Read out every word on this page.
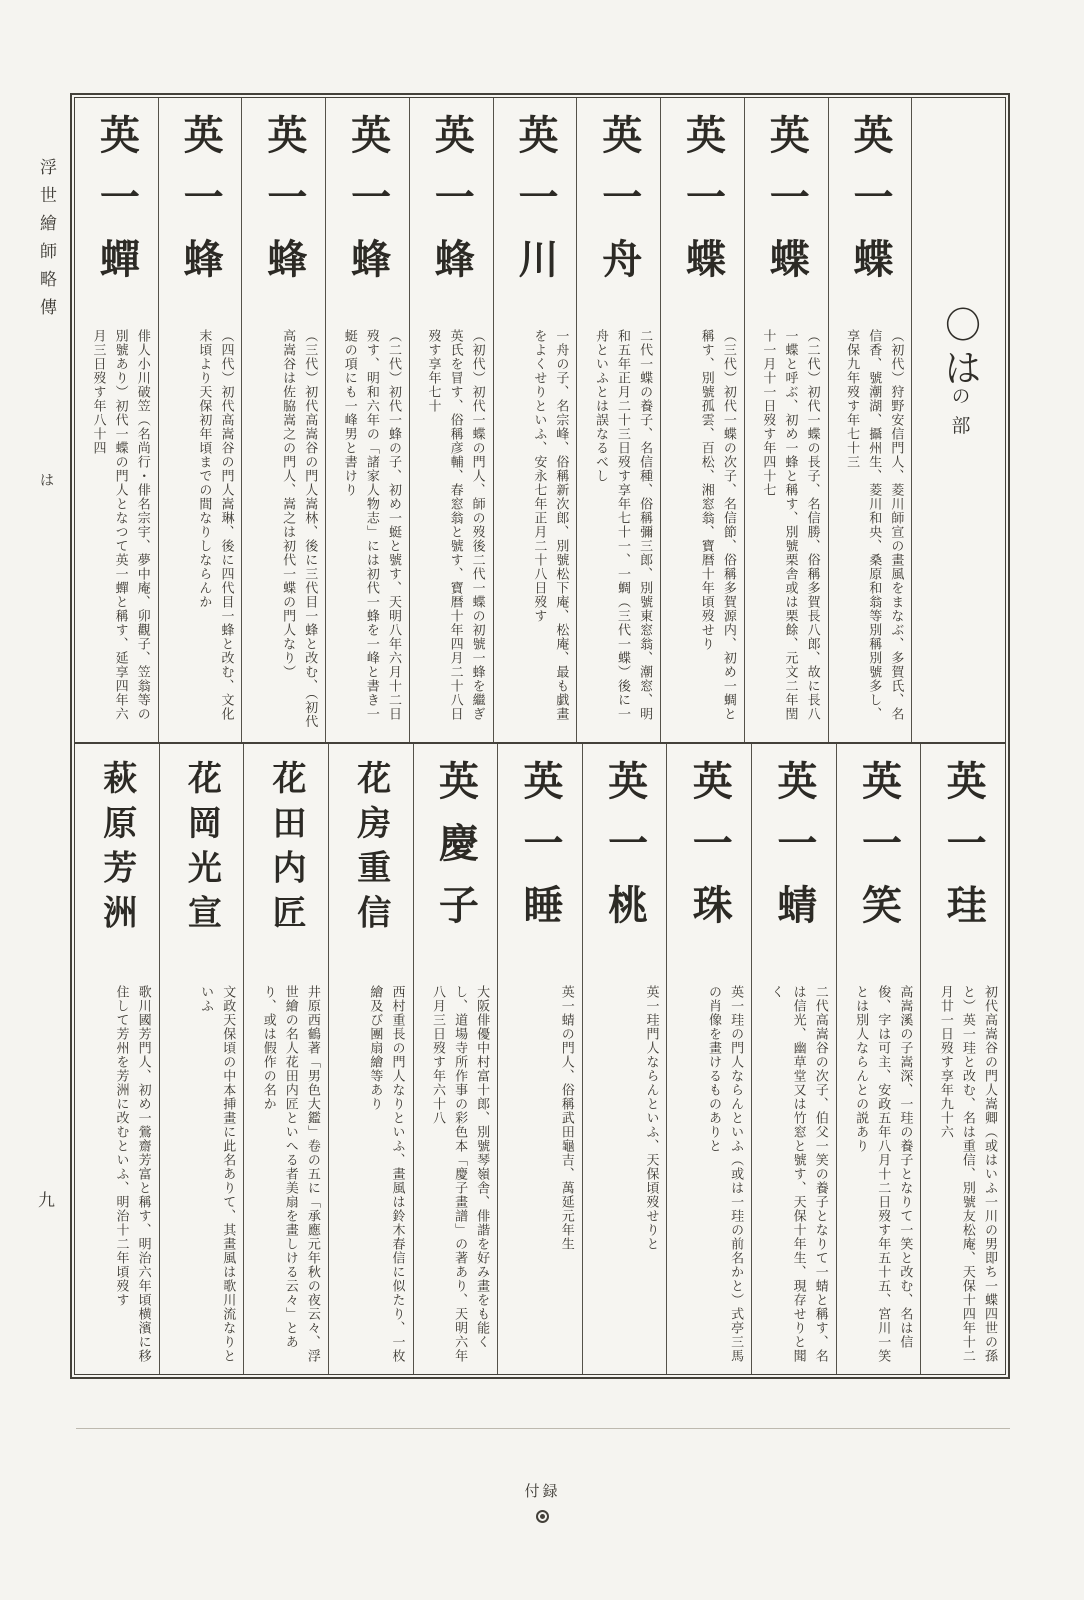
浮世繪師略傳
は
九
〇はの部
英一蝶
（初代）狩野安信門人、菱川師宣の畫風をまなぶ、多賀氏、名信香、號潮湖、攝州生、菱川和央、桑原和翁等別稱別號多し、享保九年歿す年七十三
英一蝶
（二代）初代一蝶の長子、名信勝、俗稱多賀長八郎、故に長八一蝶と呼ぶ、初め一蜂と稱す、別號栗舎或は栗餘、元文二年閏十一月十一日歿す年四十七
英一蝶
（三代）初代一蝶の次子、名信節、俗稱多賀源内、初め一蜩と稱す、別號孤雲、百松、湘窓翁、寶暦十年頃歿せり
英一舟
二代一蝶の養子、名信種、俗稱彌三郎、別號東窓翁、潮窓、明和五年正月二十三日歿す享年七十一、一蜩（三代一蝶）後に一舟といふとは誤なるべし
英一川
一舟の子、名宗峰、俗稱新次郎、別號松下庵、松庵、最も戯畫をよくせりといふ、安永七年正月二十八日歿す
英一蜂
（初代）初代一蝶の門人、師の歿後二代一蝶の初號一蜂を繼ぎ英氏を冒す、俗稱彦輔、春窓翁と號す、寶暦十年四月二十八日歿す享年七十
英一蜂
（二代）初代一蜂の子、初め一蜓と號す、天明八年六月十二日歿す、明和六年の「諸家人物志」には初代一蜂を一峰と書き一蜓の項にも一峰男と書けり
英一蜂
（三代）初代高嵩谷の門人嵩林、後に三代目一蜂と改む、（初代高嵩谷は佐脇嵩之の門人、嵩之は初代一蝶の門人なり）
英一蜂
（四代）初代高嵩谷の門人嵩琳、後に四代目一蜂と改む、文化末頃より天保初年頃までの間なりしならんか
英一蟬
俳人小川破笠（名尚行・俳名宗宇、夢中庵、卯觀子、笠翁等の別號あり）初代一蝶の門人となつて英一蟬と稱す、延享四年六月三日歿す年八十四
英一珪
初代高嵩谷の門人嵩卿（或はいふ一川の男即ち一蝶四世の孫と）英一珪と改む、名は重信、別號友松庵、天保十四年十二月廿一日歿す享年九十六
英一笑
高嵩溪の子嵩深、一珪の養子となりて一笑と改む、名は信俊、字は可主、安政五年八月十二日歿す年五十五、宮川一笑とは別人ならんとの説あり
英一蜻
二代高嵩谷の次子、伯父一笑の養子となりて一蜻と稱す、名は信光、幽草堂又は竹窓と號す、天保十年生、現存せりと聞く
英一珠
英一珪の門人ならんといふ（或は一珪の前名かと）式亭三馬の肖像を畫けるものありと
英一桃
英一珪門人ならんといふ、天保頃歿せりと
英一睡
英一蜻の門人、俗稱武田龜吉、萬延元年生
英慶子
大阪俳優中村富十郎、別號琴嶺舎、俳諧を好み畫をも能くし、道場寺所作事の彩色本「慶子畫譜」の著あり、天明六年八月三日歿す年六十八
花房重信
西村重長の門人なりといふ、畫風は鈴木春信に似たり、一枚繪及び團扇繪等あり
花田内匠
井原西鶴著「男色大鑑」卷の五に「承應元年秋の夜云々、浮世繪の名人花田内匠といへる者美扇を畫しける云々」とあり、或は假作の名か
花岡光宣
文政天保頃の中本挿畫に此名ありて、其畫風は歌川流なりといふ
萩原芳洲
歌川國芳門人、初め一鶯齋芳富と稱す、明治六年頃横濱に移住して芳州を芳洲に改むといふ、明治十二年頃歿す
付録
